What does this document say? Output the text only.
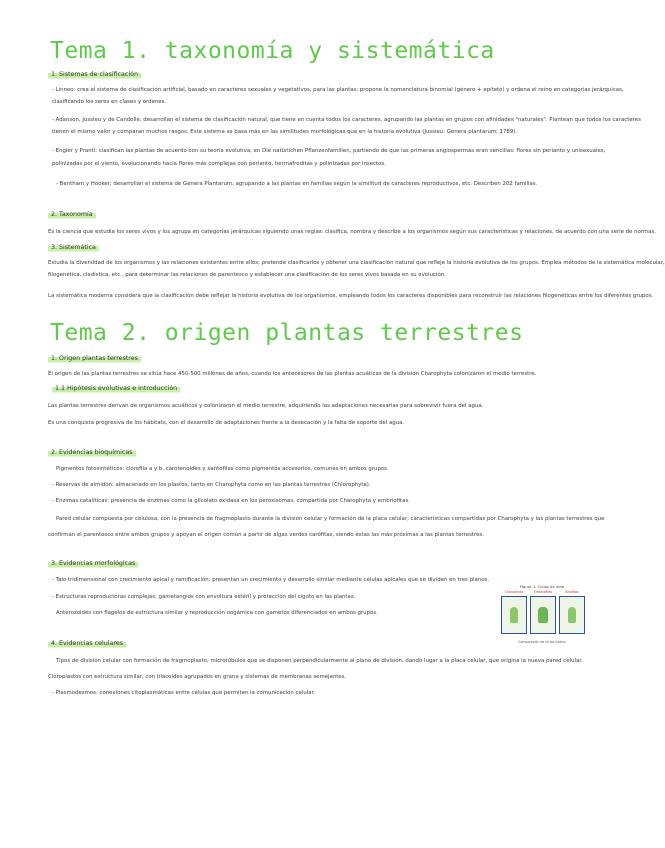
Tema 1. taxonomía y sistemática
1. Sistemas de clasificación
- Linneo: crea el sistema de clasificación artificial, basado en caracteres sexuales y vegetativos, para las plantas; propone la nomenclatura binomial (género + epíteto) y ordena el reino en categorías jerárquicas,
clasificando los seres en clases y órdenes.
- Adanson, Jussieu y de Candolle: desarrollan el sistema de clasificación natural, que tiene en cuenta todos los caracteres, agrupando las plantas en grupos con afinidades "naturales". Plantean que todos los caracteres
tienen el mismo valor y comparan muchos rasgos. Este sistema se basa más en las similitudes morfológicas que en la historia evolutiva (Jussieu: Genera plantarum, 1789).
- Engler y Prantl: clasifican las plantas de acuerdo con su teoría evolutiva, en Die natürlichen Pflanzenfamilien, partiendo de que las primeras angiospermas eran sencillas: flores sin perianto y unisexuales,
polinizadas por el viento, evolucionando hacia flores más complejas con perianto, hermafroditas y polinizadas por insectos.
- Bentham y Hooker: desarrollan el sistema de Genera Plantarum, agrupando a las plantas en familias según la similitud de caracteres reproductivos, etc. Describen 202 familias.
2. Taxonomía
Es la ciencia que estudia los seres vivos y los agrupa en categorías jerárquicas siguiendo unas reglas: clasifica, nombra y describe a los organismos según sus características y relaciones, de acuerdo con una serie de normas.
3. Sistemática
Estudia la diversidad de los organismos y las relaciones existentes entre ellos; pretende clasificarlos y obtener una clasificación natural que refleje la historia evolutiva de los grupos. Emplea métodos de la sistemática molecular,
filogenética, cladística, etc., para determinar las relaciones de parentesco y establecer una clasificación de los seres vivos basada en su evolución.
La sistemática moderna considera que la clasificación debe reflejar la historia evolutiva de los organismos, empleando todos los caracteres disponibles para reconstruir las relaciones filogenéticas entre los diferentes grupos.
Tema 2. origen plantas terrestres
1. Origen plantas terrestres
El origen de las plantas terrestres se sitúa hace 450-500 millones de años, cuando los antecesores de las plantas acuáticas de la división Charophyta colonizaron el medio terrestre.
1.1 Hipótesis evolutivas e introducción
Las plantas terrestres derivan de organismos acuáticos y colonizaron el medio terrestre, adquiriendo las adaptaciones necesarias para sobrevivir fuera del agua.
Es una conquista progresiva de los hábitats, con el desarrollo de adaptaciones frente a la desecación y la falta de soporte del agua.
2. Evidencias bioquímicas
Pigmentos fotosintéticos: clorofila a y b, carotenoides y xantofilas como pigmentos accesorios, comunes en ambos grupos.
- Reservas de almidón: almacenado en los plastos, tanto en Charophyta como en las plantas terrestres (Chlorophyta).
- Enzimas catalíticas: presencia de enzimas como la glicolato oxidasa en los peroxisomas, compartida por Charophyta y embriofitas.
Pared celular compuesta por celulosa, con la presencia de fragmoplasto durante la división celular y formación de la placa celular, características compartidas por Charophyta y las plantas terrestres que
confirman el parentesco entre ambos grupos y apoyan el origen común a partir de algas verdes carófitas, siendo éstas las más próximas a las plantas terrestres.
3. Evidencias morfológicas
- Talo tridimensional con crecimiento apical y ramificación: presentan un crecimiento y desarrollo similar mediante células apicales que se dividen en tres planos.
- Estructuras reproductoras complejas: gametangios con envoltura estéril y protección del cigoto en las plantas.
Anterozoides con flagelos de estructura similar y reproducción oogámica con gametos diferenciados en ambos grupos.
4. Evidencias celulares
Tipos de división celular con formación de fragmoplasto, microtúbulos que se disponen perpendicularmente al plano de división, dando lugar a la placa celular, que origina la nueva pared celular.
Cloroplastos con estructura similar, con tilacoides agrupados en grana y sistemas de membranas semejantes.
- Plasmodesmos: conexiones citoplasmáticas entre células que permiten la comunicación celular.
Figura 1. Ciclos de vida
Charophyta	Embriofitas	Briofitas
Comparación de ciclos vitales
